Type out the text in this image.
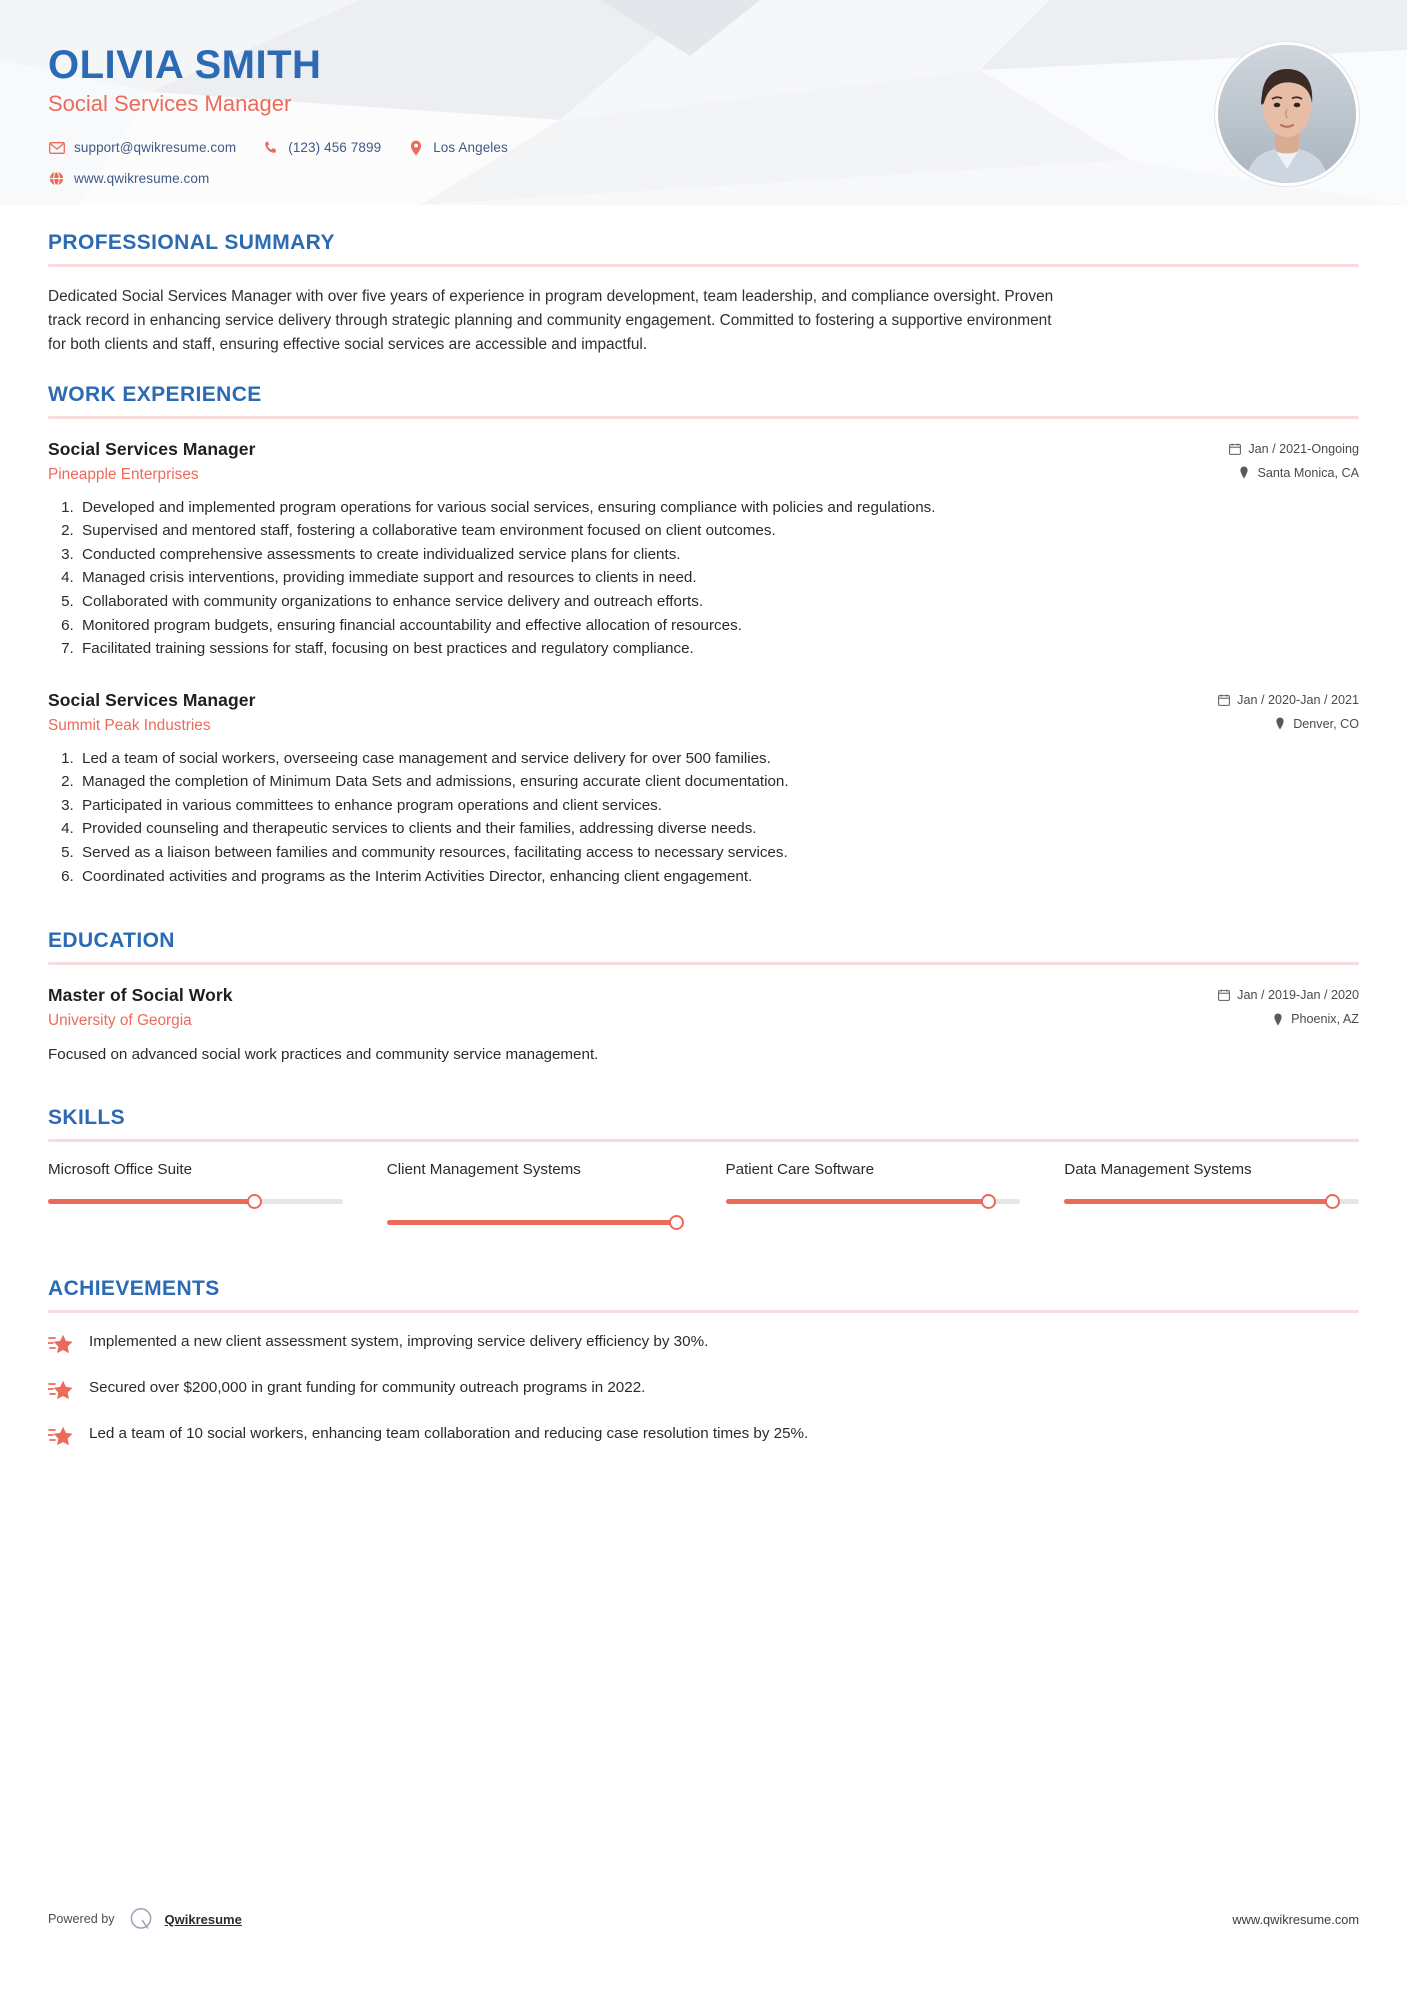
OLIVIA SMITH
Social Services Manager
support@qwikresume.com	(123) 456 7899	Los Angeles
www.qwikresume.com
PROFESSIONAL SUMMARY
Dedicated Social Services Manager with over five years of experience in program development, team leadership, and compliance oversight. Proven track record in enhancing service delivery through strategic planning and community engagement. Committed to fostering a supportive environment for both clients and staff, ensuring effective social services are accessible and impactful.
WORK EXPERIENCE
Social Services Manager
Pineapple Enterprises
Jan / 2021-Ongoing
Santa Monica, CA
1. Developed and implemented program operations for various social services, ensuring compliance with policies and regulations.
2. Supervised and mentored staff, fostering a collaborative team environment focused on client outcomes.
3. Conducted comprehensive assessments to create individualized service plans for clients.
4. Managed crisis interventions, providing immediate support and resources to clients in need.
5. Collaborated with community organizations to enhance service delivery and outreach efforts.
6. Monitored program budgets, ensuring financial accountability and effective allocation of resources.
7. Facilitated training sessions for staff, focusing on best practices and regulatory compliance.
Social Services Manager
Summit Peak Industries
Jan / 2020-Jan / 2021
Denver, CO
1. Led a team of social workers, overseeing case management and service delivery for over 500 families.
2. Managed the completion of Minimum Data Sets and admissions, ensuring accurate client documentation.
3. Participated in various committees to enhance program operations and client services.
4. Provided counseling and therapeutic services to clients and their families, addressing diverse needs.
5. Served as a liaison between families and community resources, facilitating access to necessary services.
6. Coordinated activities and programs as the Interim Activities Director, enhancing client engagement.
EDUCATION
Master of Social Work
University of Georgia
Jan / 2019-Jan / 2020
Phoenix, AZ
Focused on advanced social work practices and community service management.
SKILLS
Microsoft Office Suite	Client Management Systems	Patient Care Software	Data Management Systems
ACHIEVEMENTS
Implemented a new client assessment system, improving service delivery efficiency by 30%.
Secured over $200,000 in grant funding for community outreach programs in 2022.
Led a team of 10 social workers, enhancing team collaboration and reducing case resolution times by 25%.
Powered by	Qwikresume	www.qwikresume.com
